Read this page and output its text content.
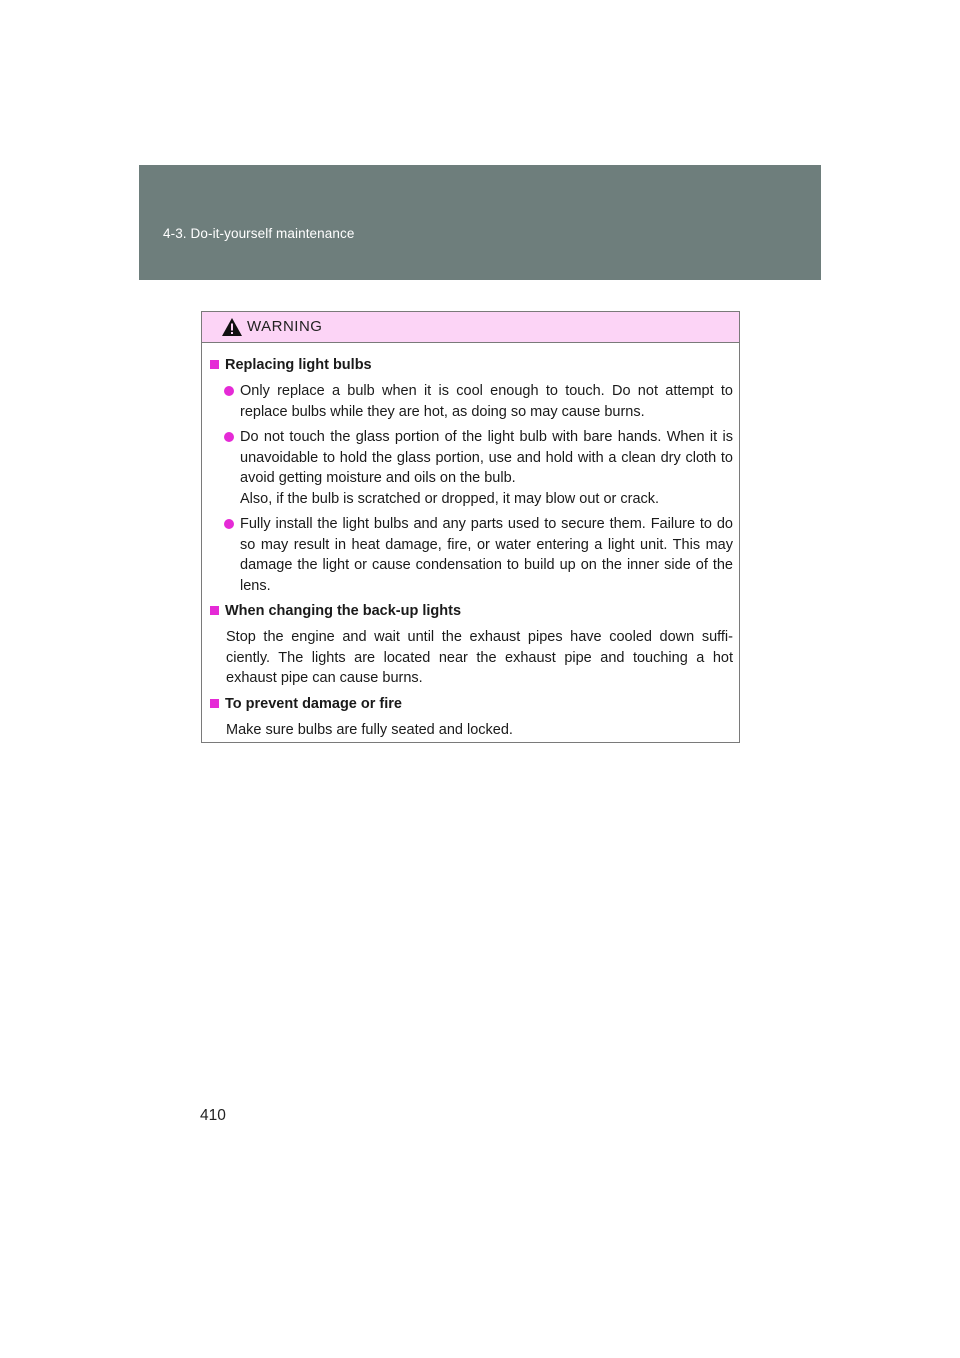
4-3. Do-it-yourself maintenance
WARNING
Replacing light bulbs
Only replace a bulb when it is cool enough to touch. Do not attempt to replace bulbs while they are hot, as doing so may cause burns.
Do not touch the glass portion of the light bulb with bare hands. When it is unavoidable to hold the glass portion, use and hold with a clean dry cloth to avoid getting moisture and oils on the bulb.
Also, if the bulb is scratched or dropped, it may blow out or crack.
Fully install the light bulbs and any parts used to secure them. Failure to do so may result in heat damage, fire, or water entering a light unit. This may damage the light or cause condensation to build up on the inner side of the lens.
When changing the back-up lights
Stop the engine and wait until the exhaust pipes have cooled down suffi-ciently. The lights are located near the exhaust pipe and touching a hot exhaust pipe can cause burns.
To prevent damage or fire
Make sure bulbs are fully seated and locked.
410
